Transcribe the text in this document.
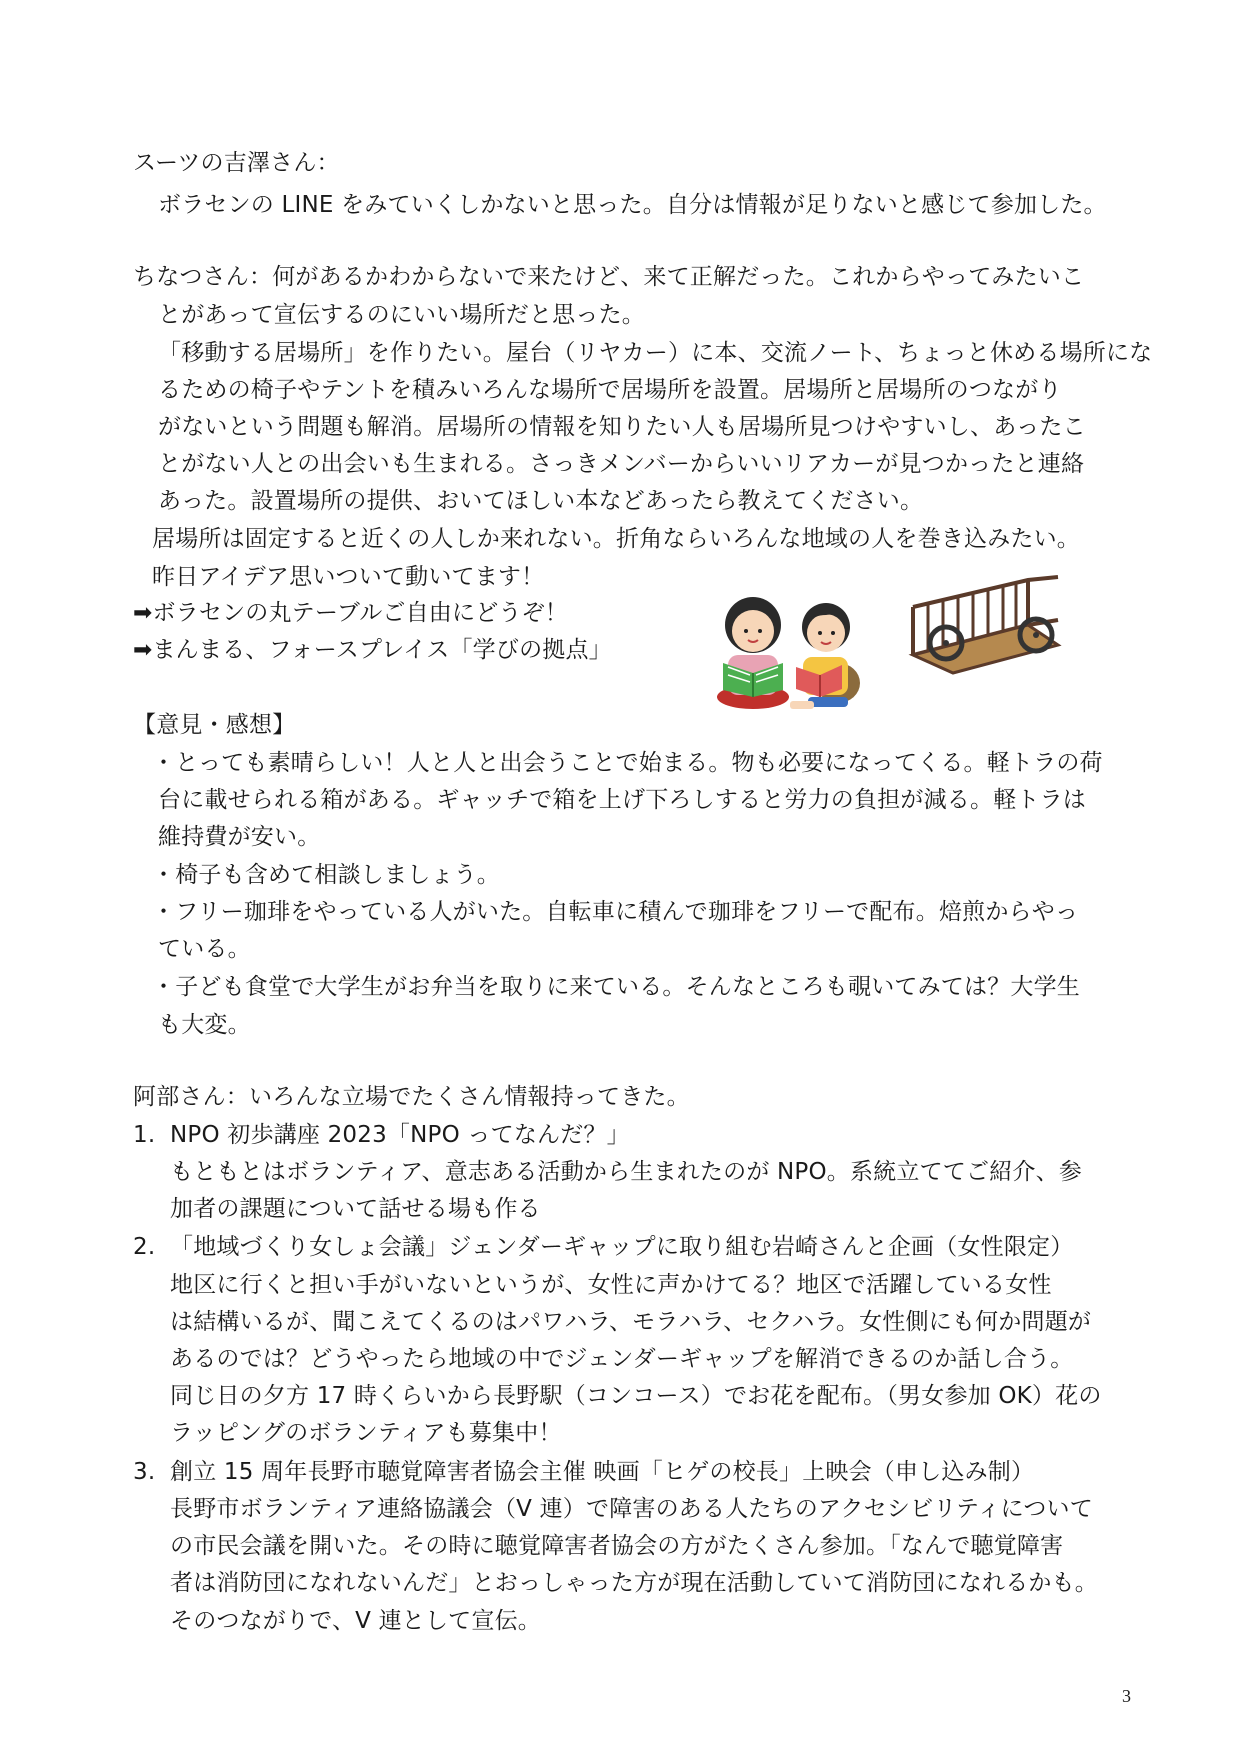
スーツの吉澤さん：
ボラセンの LINE をみていくしかないと思った。自分は情報が足りないと感じて参加した。
ちなつさん：何があるかわからないで来たけど、来て正解だった。これからやってみたいこ
とがあって宣伝するのにいい場所だと思った。
「移動する居場所」を作りたい。屋台（リヤカー）に本、交流ノート、ちょっと休める場所にな
るための椅子やテントを積みいろんな場所で居場所を設置。居場所と居場所のつながり
がないという問題も解消。居場所の情報を知りたい人も居場所見つけやすいし、あったこ
とがない人との出会いも生まれる。さっきメンバーからいいリアカーが見つかったと連絡
あった。設置場所の提供、おいてほしい本などあったら教えてください。
居場所は固定すると近くの人しか来れない。折角ならいろんな地域の人を巻き込みたい。
昨日アイデア思いついて動いてます！
➡ボラセンの丸テーブルご自由にどうぞ！
➡まんまる、フォースプレイス「学びの拠点」
【意見・感想】
・とっても素晴らしい！人と人と出会うことで始まる。物も必要になってくる。軽トラの荷
台に載せられる箱がある。ギャッチで箱を上げ下ろしすると労力の負担が減る。軽トラは
維持費が安い。
・椅子も含めて相談しましょう。
・フリー珈琲をやっている人がいた。自転車に積んで珈琲をフリーで配布。焙煎からやっ
ている。
・子ども食堂で大学生がお弁当を取りに来ている。そんなところも覗いてみては？大学生
も大変。
阿部さん：いろんな立場でたくさん情報持ってきた。
1. NPO 初歩講座 2023「NPO ってなんだ？」
もともとはボランティア、意志ある活動から生まれたのが NPO。系統立ててご紹介、参
加者の課題について話せる場も作る
2. 「地域づくり女しょ会議」ジェンダーギャップに取り組む岩崎さんと企画（女性限定）
地区に行くと担い手がいないというが、女性に声かけてる？地区で活躍している女性
は結構いるが、聞こえてくるのはパワハラ、モラハラ、セクハラ。女性側にも何か問題が
あるのでは？どうやったら地域の中でジェンダーギャップを解消できるのか話し合う。
同じ日の夕方 17 時くらいから長野駅（コンコース）でお花を配布。（男女参加 OK）花の
ラッピングのボランティアも募集中！
3. 創立 15 周年長野市聴覚障害者協会主催 映画「ヒゲの校長」上映会（申し込み制）
長野市ボランティア連絡協議会（V 連）で障害のある人たちのアクセシビリティについて
の市民会議を開いた。その時に聴覚障害者協会の方がたくさん参加。「なんで聴覚障害
者は消防団になれないんだ」とおっしゃった方が現在活動していて消防団になれるかも。
そのつながりで、V 連として宣伝。
3
